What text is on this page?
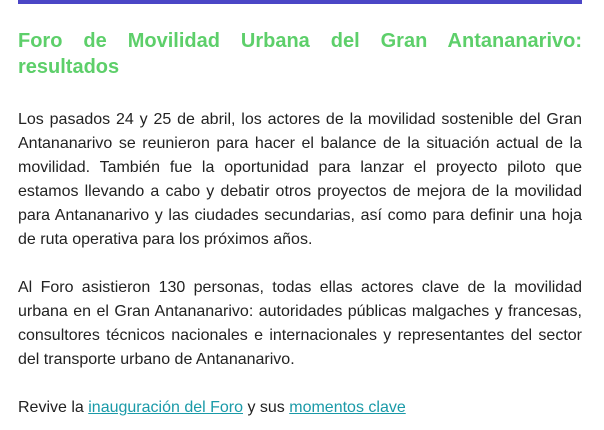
Foro de Movilidad Urbana del Gran Antananarivo: resultados

Los pasados 24 y 25 de abril, los actores de la movilidad sostenible del Gran Antananarivo se reunieron para hacer el balance de la situación actual de la movilidad. También fue la oportunidad para lanzar el proyecto piloto que estamos llevando a cabo y debatir otros proyectos de mejora de la movilidad para Antananarivo y las ciudades secundarias, así como para definir una hoja de ruta operativa para los próximos años.

Al Foro asistieron 130 personas, todas ellas actores clave de la movilidad urbana en el Gran Antananarivo: autoridades públicas malgaches y francesas, consultores técnicos nacionales e internacionales y representantes del sector del transporte urbano de Antananarivo.

Revive la inauguración del Foro y sus momentos clave
